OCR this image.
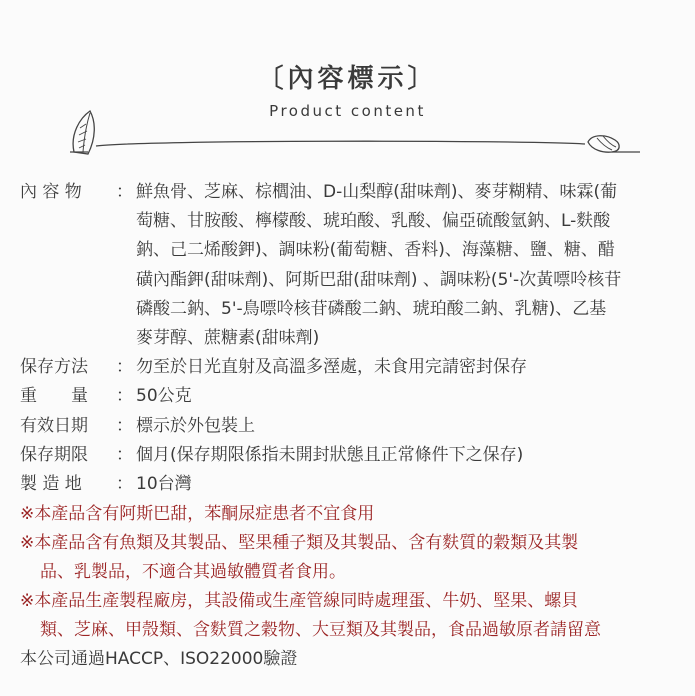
〔內容標示〕
Product content
內 容 物	： 鮮魚骨、芝麻、棕櫚油、D-山梨醇(甜味劑)、麥芽糊精、味霖(葡
萄糖、甘胺酸、檸檬酸、琥珀酸、乳酸、偏亞硫酸氫鈉、L-麩酸
鈉、己二烯酸鉀)、調味粉(葡萄糖、香料)、海藻糖、鹽、糖、醋
磺內酯鉀(甜味劑)、阿斯巴甜(甜味劑) 、調味粉(5'-次黃嘌呤核苷
磷酸二鈉、5'-鳥嘌呤核苷磷酸二鈉、琥珀酸二鈉、乳糖)、乙基
麥芽醇、蔗糖素(甜味劑)
保存方法	： 勿至於日光直射及高溫多溼處，未食用完請密封保存
重　　量	： 50公克
有效日期	： 標示於外包裝上
保存期限	： 個月(保存期限係指未開封狀態且正常條件下之保存)
製 造 地	： 10台灣
※本產品含有阿斯巴甜，苯酮尿症患者不宜食用
※本產品含有魚類及其製品、堅果種子類及其製品、含有麩質的穀類及其製
品、乳製品，不適合其過敏體質者食用。
※本產品生產製程廠房，其設備或生產管線同時處理蛋、牛奶、堅果、螺貝
類、芝麻、甲殼類、含麩質之穀物、大豆類及其製品，食品過敏原者請留意
本公司通過HACCP、ISO22000驗證
